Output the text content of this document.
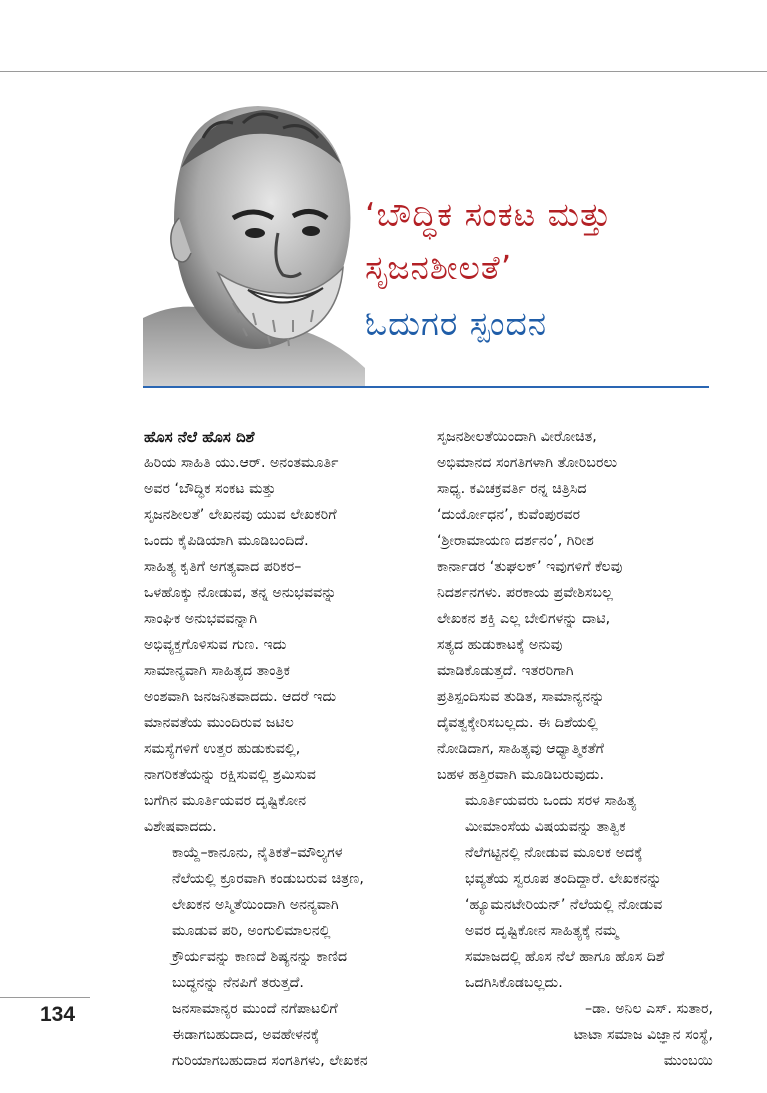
‘ಬೌದ್ಧಿಕ ಸಂಕಟ ಮತ್ತು
ಸೃಜನಶೀಲತೆ’
ಓದುಗರ ಸ್ಪಂದನ

ಹೊಸ ನೆಲೆ ಹೊಸ ದಿಶೆ

ಹಿರಿಯ ಸಾಹಿತಿ ಯು.ಆರ್. ಅನಂತಮೂರ್ತಿ
ಅವರ ‘ಬೌದ್ಧಿಕ ಸಂಕಟ ಮತ್ತು
ಸೃಜನಶೀಲತೆ’ ಲೇಖನವು ಯುವ ಲೇಖಕರಿಗೆ
ಒಂದು ಕೈಪಿಡಿಯಾಗಿ ಮೂಡಿಬಂದಿದೆ.
ಸಾಹಿತ್ಯ ಕೃತಿಗೆ ಅಗತ್ಯವಾದ ಪರಿಕರ–
ಒಳಹೊಕ್ಕು ನೋಡುವ, ತನ್ನ ಅನುಭವವನ್ನು
ಸಾಂಘಿಕ ಅನುಭವವನ್ನಾಗಿ
ಅಭಿವ್ಯಕ್ತಗೊಳಿಸುವ ಗುಣ. ಇದು
ಸಾಮಾನ್ಯವಾಗಿ ಸಾಹಿತ್ಯದ ತಾಂತ್ರಿಕ
ಅಂಶವಾಗಿ ಜನಜನಿತವಾದದು. ಆದರೆ ಇದು
ಮಾನವತೆಯ ಮುಂದಿರುವ ಜಟಿಲ
ಸಮಸ್ಯೆಗಳಿಗೆ ಉತ್ತರ ಹುಡುಕುವಲ್ಲಿ,
ನಾಗರಿಕತೆಯನ್ನು ರಕ್ಷಿಸುವಲ್ಲಿ ಶ್ರಮಿಸುವ
ಬಗೆಗಿನ ಮೂರ್ತಿಯವರ ದೃಷ್ಟಿಕೋನ
ವಿಶೇಷವಾದದು.

ಕಾಯ್ದೆ–ಕಾನೂನು, ನೈತಿಕತೆ–ಮೌಲ್ಯಗಳ
ನೆಲೆಯಲ್ಲಿ ಕ್ರೂರವಾಗಿ ಕಂಡುಬರುವ ಚಿತ್ರಣ,
ಲೇಖಕನ ಅಸ್ಮಿತೆಯಿಂದಾಗಿ ಅನನ್ಯವಾಗಿ
ಮೂಡುವ ಪರಿ, ಅಂಗುಲಿಮಾಲನಲ್ಲಿ
ಕ್ರೌರ್ಯವನ್ನು ಕಾಣದೆ ಶಿಷ್ಯನನ್ನು ಕಾಣಿದ
ಬುದ್ಧನನ್ನು ನೆನಪಿಗೆ ತರುತ್ತದೆ.
ಜನಸಾಮಾನ್ಯರ ಮುಂದೆ ನಗೆಪಾಟಲಿಗೆ
ಈಡಾಗಬಹುದಾದ, ಅವಹೇಳನಕ್ಕೆ
ಗುರಿಯಾಗಬಹುದಾದ ಸಂಗತಿಗಳು, ಲೇಖಕನ

ಸೃಜನಶೀಲತೆಯಿಂದಾಗಿ ವೀರೋಚಿತ,
ಅಭಿಮಾನದ ಸಂಗತಿಗಳಾಗಿ ತೋರಿಬರಲು
ಸಾಧ್ಯ. ಕವಿಚಕ್ರವರ್ತಿ ರನ್ನ ಚಿತ್ರಿಸಿದ
‘ದುರ್ಯೋಧನ’, ಕುವೆಂಪುರವರ
‘ಶ್ರೀರಾಮಾಯಣ ದರ್ಶನಂ’, ಗಿರೀಶ
ಕಾರ್ನಾಡರ ‘ತುಘಲಕ್’ ಇವುಗಳಿಗೆ ಕೆಲವು
ನಿದರ್ಶನಗಳು. ಪರಕಾಯ ಪ್ರವೇಶಿಸಬಲ್ಲ
ಲೇಖಕನ ಶಕ್ತಿ ಎಲ್ಲ ಬೇಲಿಗಳನ್ನು ದಾಟಿ,
ಸತ್ಯದ ಹುಡುಕಾಟಕ್ಕೆ ಅನುವು
ಮಾಡಿಕೊಡುತ್ತದೆ. ಇತರರಿಗಾಗಿ
ಪ್ರತಿಸ್ಪಂದಿಸುವ ತುಡಿತ, ಸಾಮಾನ್ಯನನ್ನು
ದೈವತ್ವಕ್ಕೇರಿಸಬಲ್ಲದು. ಈ ದಿಶೆಯಲ್ಲಿ
ನೋಡಿದಾಗ, ಸಾಹಿತ್ಯವು ಆಧ್ಯಾತ್ಮಿಕತೆಗೆ
ಬಹಳ ಹತ್ತಿರವಾಗಿ ಮೂಡಿಬರುವುದು.

ಮೂರ್ತಿಯವರು ಒಂದು ಸರಳ ಸಾಹಿತ್ಯ
ಮೀಮಾಂಸೆಯ ವಿಷಯವನ್ನು ತಾತ್ವಿಕ
ನೆಲೆಗಟ್ಟಿನಲ್ಲಿ ನೋಡುವ ಮೂಲಕ ಅದಕ್ಕೆ
ಭವ್ಯತೆಯ ಸ್ವರೂಪ ತಂದಿದ್ದಾರೆ. ಲೇಖಕನನ್ನು
‘ಹ್ಯೂಮನಟೇರಿಯನ್’ ನೆಲೆಯಲ್ಲಿ ನೋಡುವ
ಅವರ ದೃಷ್ಟಿಕೋನ ಸಾಹಿತ್ಯಕ್ಕೆ ನಮ್ಮ
ಸಮಾಜದಲ್ಲಿ ಹೊಸ ನೆಲೆ ಹಾಗೂ ಹೊಸ ದಿಶೆ
ಒದಗಿಸಿಕೊಡಬಲ್ಲದು.

–ಡಾ. ಅನಿಲ ಎಸ್. ಸುತಾರ,
ಟಾಟಾ ಸಮಾಜ ವಿಜ್ಞಾನ ಸಂಸ್ಥೆ,
ಮುಂಬಯಿ

134
